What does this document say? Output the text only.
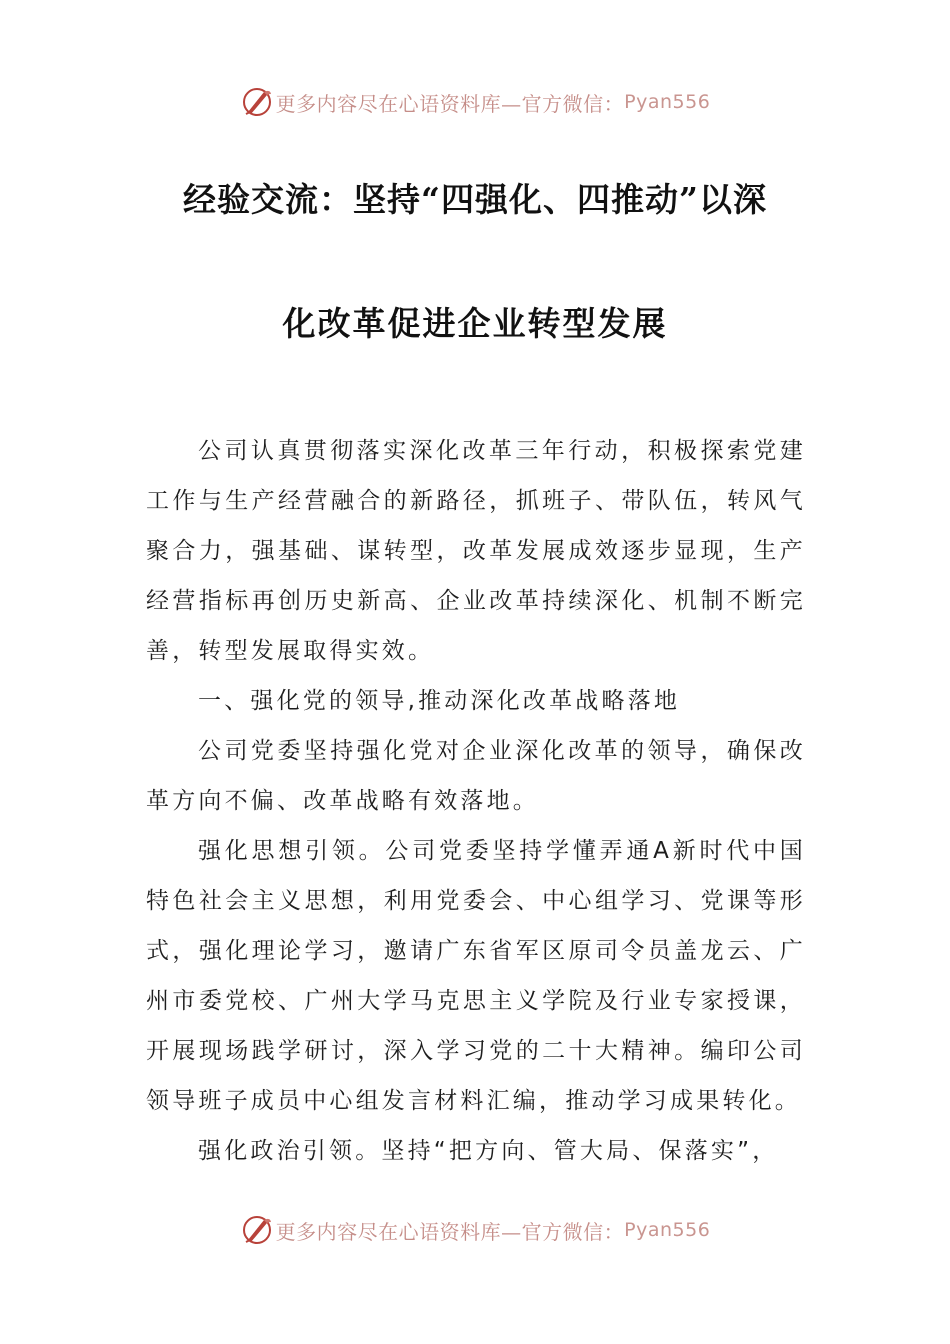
更多内容尽在心语资料库—官方微信： Pyan556
经验交流：坚持“四强化、四推动”以深
化改革促进企业转型发展

公司认真贯彻落实深化改革三年行动，积极探索党建工作与生产经营融合的新路径，抓班子、带队伍，转风气聚合力，强基础、谋转型，改革发展成效逐步显现，生产经营指标再创历史新高、企业改革持续深化、机制不断完善，转型发展取得实效。

一、强化党的领导,推动深化改革战略落地

公司党委坚持强化党对企业深化改革的领导，确保改革方向不偏、改革战略有效落地。

强化思想引领。公司党委坚持学懂弄通A新时代中国特色社会主义思想，利用党委会、中心组学习、党课等形式，强化理论学习，邀请广东省军区原司令员盖龙云、广州市委党校、广州大学马克思主义学院及行业专家授课，开展现场践学研讨，深入学习党的二十大精神。编印公司领导班子成员中心组发言材料汇编，推动学习成果转化。

强化政治引领。坚持“把方向、管大局、保落实”，

更多内容尽在心语资料库—官方微信： Pyan556
